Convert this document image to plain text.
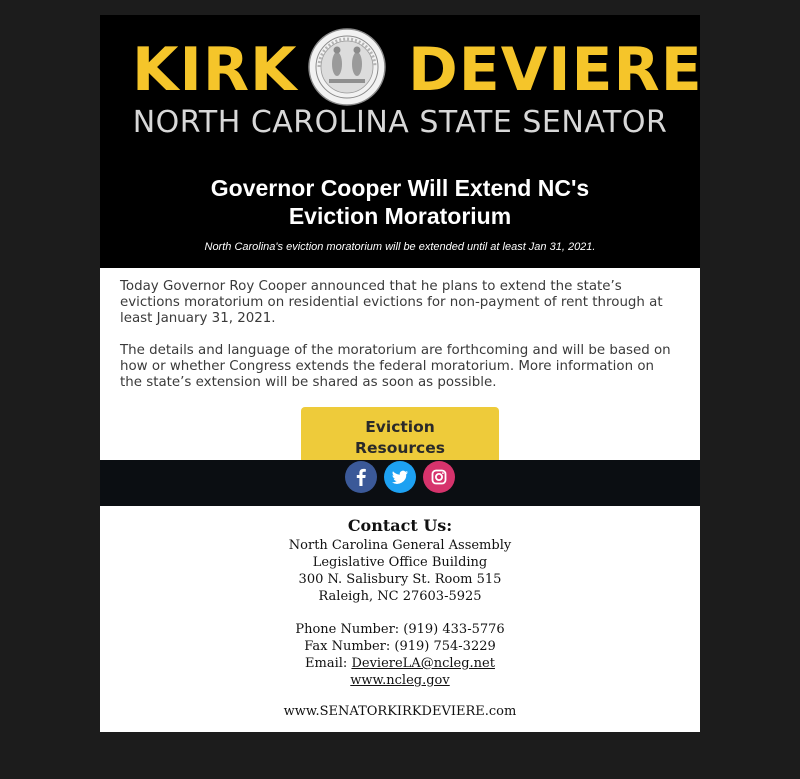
KIRK DEVIERE
NORTH CAROLINA STATE SENATOR
Governor Cooper Will Extend NC's
Eviction Moratorium
North Carolina's eviction moratorium will be extended until at least Jan 31, 2021.

Today Governor Roy Cooper announced that he plans to extend the state’s evictions moratorium on residential evictions for non-payment of rent through at least January 31, 2021.

The details and language of the moratorium are forthcoming and will be based on how or whether Congress extends the federal moratorium. More information on the state’s extension will be shared as soon as possible.

Eviction
Resources

Contact Us:
North Carolina General Assembly
Legislative Office Building
300 N. Salisbury St. Room 515
Raleigh, NC 27603-5925
Phone Number: (919) 433-5776
Fax Number: (919) 754-3229
Email: DeviereLA@ncleg.net
www.ncleg.gov
www.SENATORKIRKDEVIERE.com
